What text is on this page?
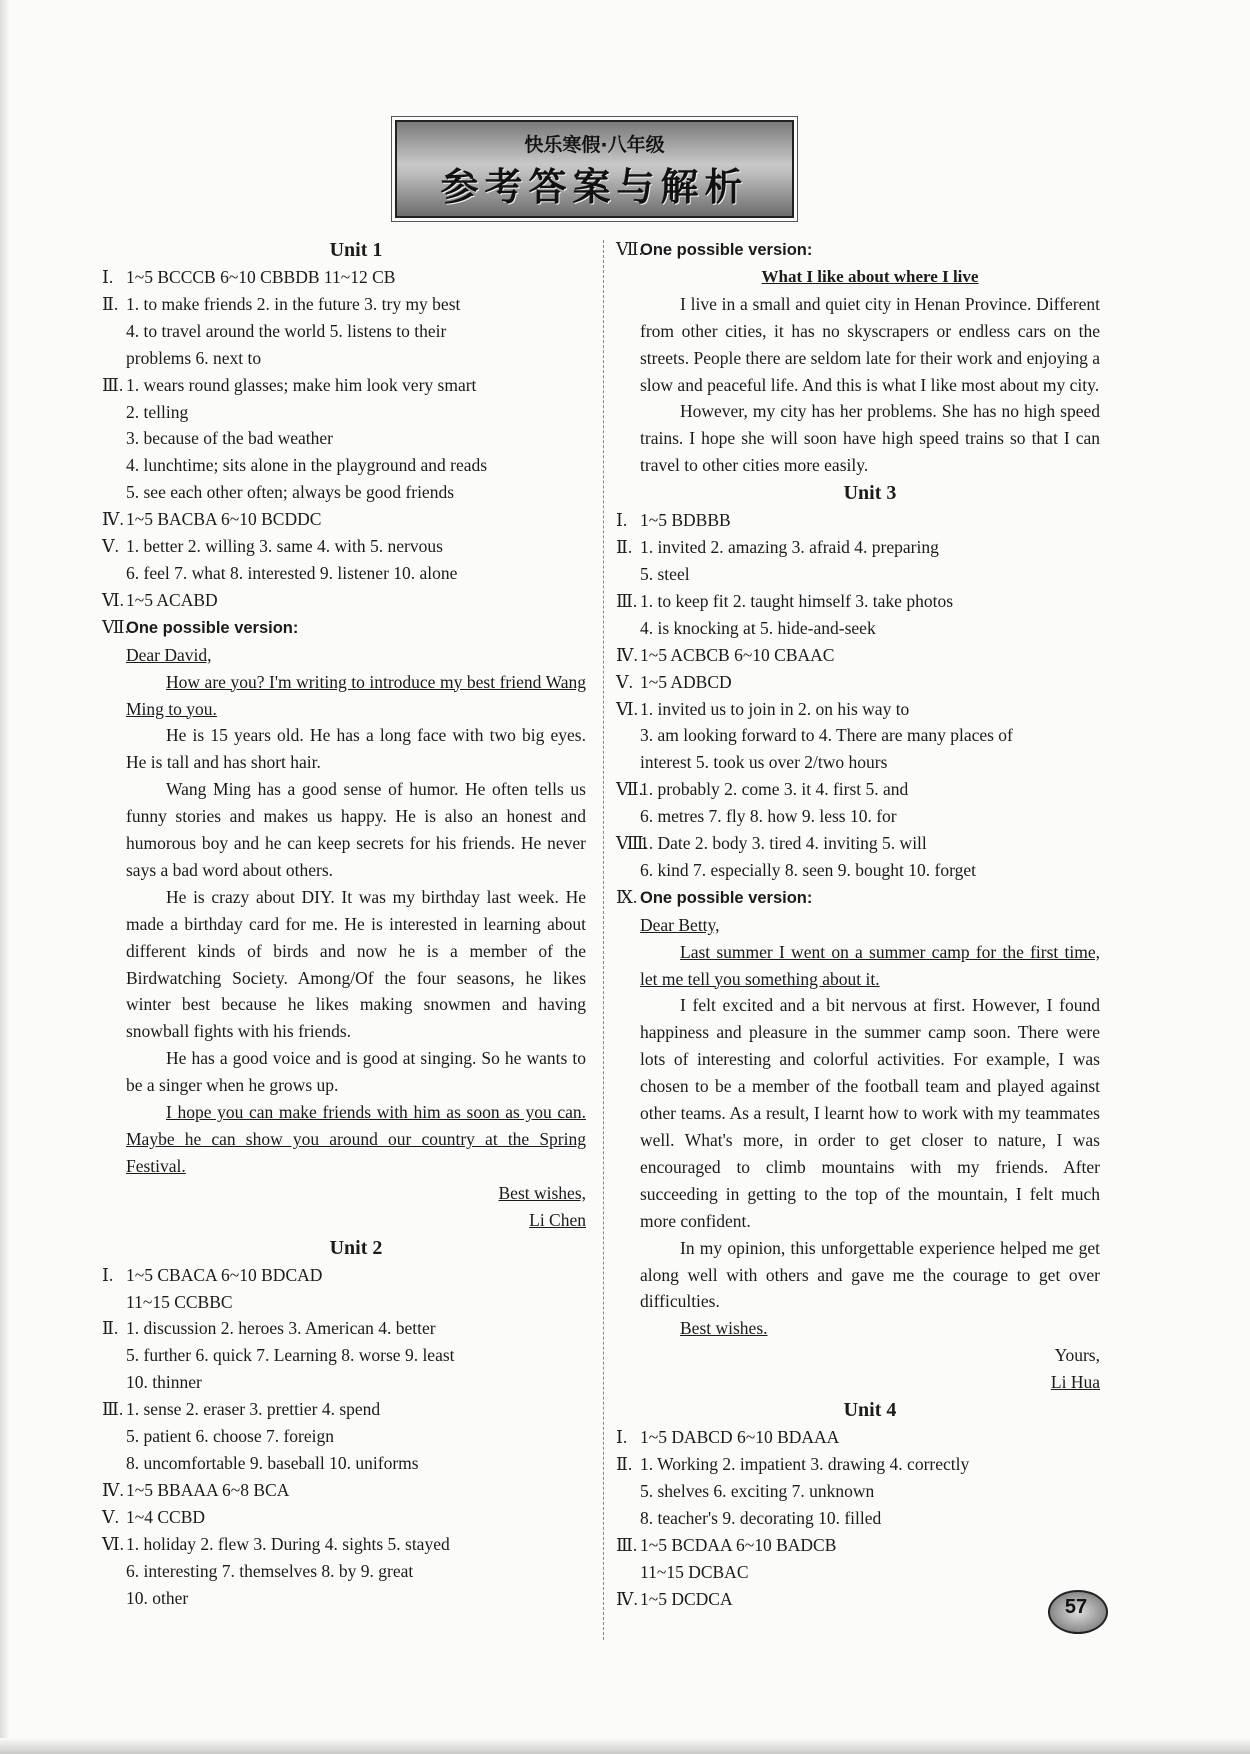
快乐寒假·八年级
参考答案与解析
Unit 1
Ⅰ. 1~5 BCCCB 6~10 CBBDB 11~12 CB
Ⅱ. 1. to make friends 2. in the future 3. try my best
4. to travel around the world 5. listens to their
problems 6. next to
Ⅲ. 1. wears round glasses; make him look very smart
2. telling
3. because of the bad weather
4. lunchtime; sits alone in the playground and reads
5. see each other often; always be good friends
Ⅳ. 1~5 BACBA 6~10 BCDDC
Ⅴ. 1. better 2. willing 3. same 4. with 5. nervous
6. feel 7. what 8. interested 9. listener 10. alone
Ⅵ. 1~5 ACABD
Ⅶ.
One possible version:
Dear David,
How are you? I'm writing to introduce my best friend Wang Ming to you.
He is 15 years old. He has a long face with two big eyes. He is tall and has short hair.
Wang Ming has a good sense of humor. He often tells us funny stories and makes us happy. He is also an honest and humorous boy and he can keep secrets for his friends. He never says a bad word about others.
He is crazy about DIY. It was my birthday last week. He made a birthday card for me. He is interested in learning about different kinds of birds and now he is a member of the Birdwatching Society. Among/Of the four seasons, he likes winter best because he likes making snowmen and having snowball fights with his friends.
He has a good voice and is good at singing. So he wants to be a singer when he grows up.
I hope you can make friends with him as soon as you can. Maybe he can show you around our country at the Spring Festival.
Best wishes,
Li Chen
Unit 2
Ⅰ. 1~5 CBACA 6~10 BDCAD
11~15 CCBBC
Ⅱ. 1. discussion 2. heroes 3. American 4. better
5. further 6. quick 7. Learning 8. worse 9. least
10. thinner
Ⅲ. 1. sense 2. eraser 3. prettier 4. spend
5. patient 6. choose 7. foreign
8. uncomfortable 9. baseball 10. uniforms
Ⅳ. 1~5 BBAAA 6~8 BCA
Ⅴ. 1~4 CCBD
Ⅵ. 1. holiday 2. flew 3. During 4. sights 5. stayed
6. interesting 7. themselves 8. by 9. great
10. other
Ⅶ.
One possible version:
What I like about where I live
I live in a small and quiet city in Henan Province. Different from other cities, it has no skyscrapers or endless cars on the streets. People there are seldom late for their work and enjoying a slow and peaceful life. And this is what I like most about my city.
However, my city has her problems. She has no high speed trains. I hope she will soon have high speed trains so that I can travel to other cities more easily.
Unit 3
Ⅰ. 1~5 BDBBB
Ⅱ. 1. invited 2. amazing 3. afraid 4. preparing
5. steel
Ⅲ. 1. to keep fit 2. taught himself 3. take photos
4. is knocking at 5. hide-and-seek
Ⅳ. 1~5 ACBCB 6~10 CBAAC
Ⅴ. 1~5 ADBCD
Ⅵ. 1. invited us to join in 2. on his way to
3. am looking forward to 4. There are many places of
interest 5. took us over 2/two hours
Ⅶ.
1. probably 2. come 3. it 4. first 5. and
6. metres 7. fly 8. how 9. less 10. for
Ⅷ.
1. Date 2. body 3. tired 4. inviting 5. will
6. kind 7. especially 8. seen 9. bought 10. forget
Ⅸ. One possible version:
Dear Betty,
Last summer I went on a summer camp for the first time, let me tell you something about it.
I felt excited and a bit nervous at first. However, I found happiness and pleasure in the summer camp soon. There were lots of interesting and colorful activities. For example, I was chosen to be a member of the football team and played against other teams. As a result, I learnt how to work with my teammates well. What's more, in order to get closer to nature, I was encouraged to climb mountains with my friends. After succeeding in getting to the top of the mountain, I felt much more confident.
In my opinion, this unforgettable experience helped me get along well with others and gave me the courage to get over difficulties.
Best wishes.
Yours,
Li Hua
Unit 4
Ⅰ. 1~5 DABCD 6~10 BDAAA
Ⅱ. 1. Working 2. impatient 3. drawing 4. correctly
5. shelves 6. exciting 7. unknown
8. teacher's 9. decorating 10. filled
Ⅲ. 1~5 BCDAA 6~10 BADCB
11~15 DCBAC
Ⅳ. 1~5 DCDCA	57
